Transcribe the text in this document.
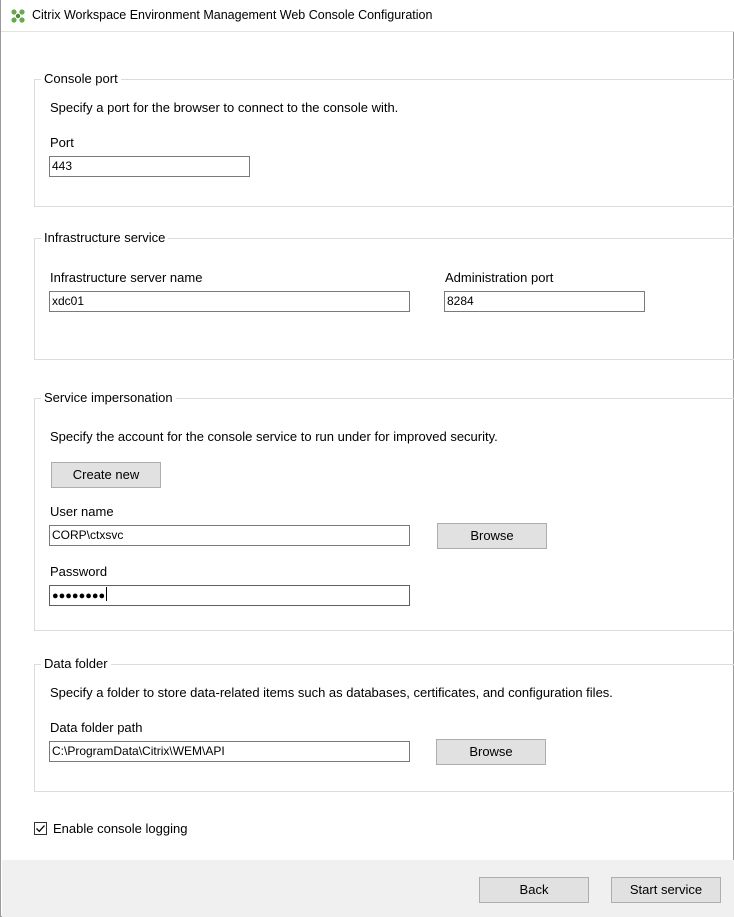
Citrix Workspace Environment Management Web Console Configuration
Console port
Specify a port for the browser to connect to the console with.
Port
443
Infrastructure service
Infrastructure server name
xdc01
Administration port
8284
Service impersonation
Specify the account for the console service to run under for improved security.
Create new
User name
CORP\ctxsvc	Browse
Password
●●●●●●●●
Data folder
Specify a folder to store data-related items such as databases, certificates, and configuration files.
Data folder path
C:\ProgramData\Citrix\WEM\API	Browse
Enable console logging
Back	Start service
